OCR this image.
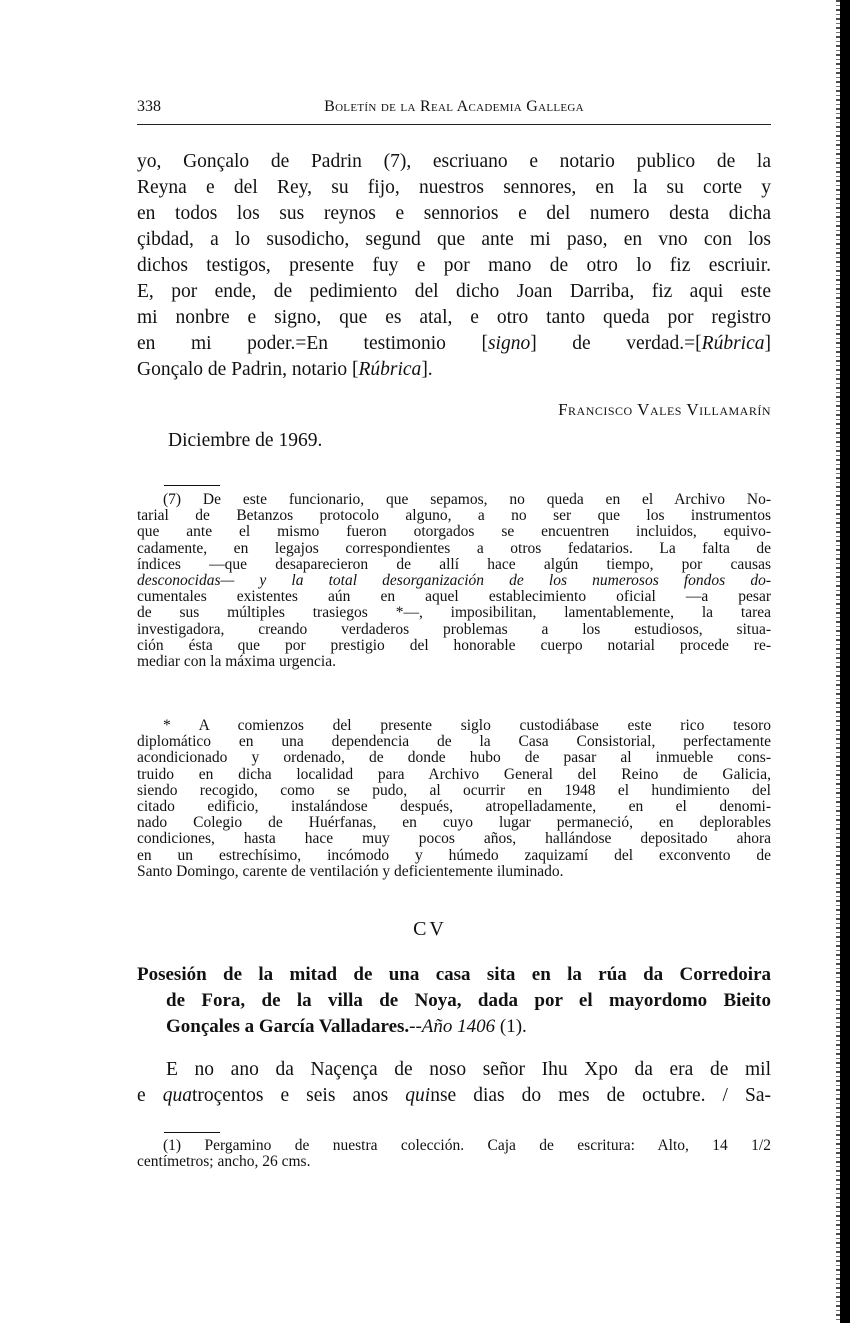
338	Boletín de la Real Academia Gallega
yo, Gonçalo de Padrin (7), escriuano e notario publico de la
Reyna e del Rey, su fijo, nuestros sennores, en la su corte y
en todos los sus reynos e sennorios e del numero desta dicha
çibdad, a lo susodicho, segund que ante mi paso, en vno con los
dichos testigos, presente fuy e por mano de otro lo fiz escriuir.
E, por ende, de pedimiento del dicho Joan Darriba, fiz aqui este
mi nonbre e signo, que es atal, e otro tanto queda por registro
en mi poder.=En testimonio [signo] de verdad.=[Rúbrica]
Gonçalo de Padrin, notario [Rúbrica].
Francisco Vales Villamarín
Diciembre de 1969.
(7) De este funcionario, que sepamos, no queda en el Archivo No-
tarial de Betanzos protocolo alguno, a no ser que los instrumentos
que ante el mismo fueron otorgados se encuentren incluidos, equivo-
cadamente, en legajos correspondientes a otros fedatarios. La falta de
índices —que desaparecieron de allí hace algún tiempo, por causas
desconocidas— y la total desorganización de los numerosos fondos do-
cumentales existentes aún en aquel establecimiento oficial —a pesar
de sus múltiples trasiegos *—, imposibilitan, lamentablemente, la tarea
investigadora, creando verdaderos problemas a los estudiosos, situa-
ción ésta que por prestigio del honorable cuerpo notarial procede re-
mediar con la máxima urgencia.
* A comienzos del presente siglo custodiábase este rico tesoro
diplomático en una dependencia de la Casa Consistorial, perfectamente
acondicionado y ordenado, de donde hubo de pasar al inmueble cons-
truido en dicha localidad para Archivo General del Reino de Galicia,
siendo recogido, como se pudo, al ocurrir en 1948 el hundimiento del
citado edificio, instalándose después, atropelladamente, en el denomi-
nado Colegio de Huérfanas, en cuyo lugar permaneció, en deplorables
condiciones, hasta hace muy pocos años, hallándose depositado ahora
en un estrechísimo, incómodo y húmedo zaquizamí del exconvento de
Santo Domingo, carente de ventilación y deficientemente iluminado.
CV
Posesión de la mitad de una casa sita en la rúa da Corredoira
de Fora, de la villa de Noya, dada por el mayordomo Bieito
Gonçales a García Valladares.--Año 1406 (1).
E no ano da Naçença de noso señor Ihu Xpo da era de mil
e quatroçentos e seis anos quinse dias do mes de octubre. / Sa-
(1) Pergamino de nuestra colección. Caja de escritura: Alto, 14 1/2
centímetros; ancho, 26 cms.
